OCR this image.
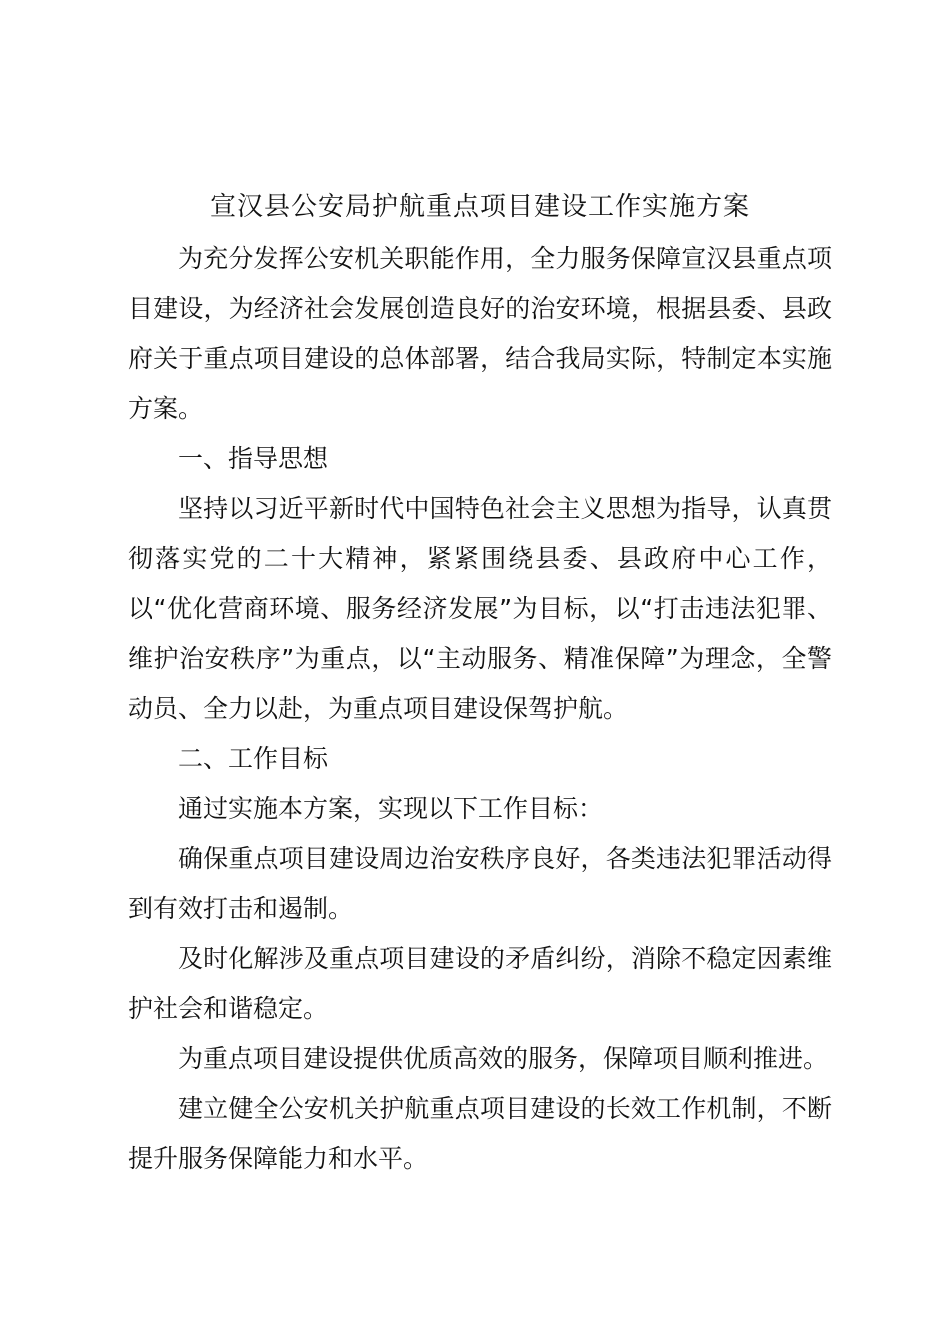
宣汉县公安局护航重点项目建设工作实施方案

为充分发挥公安机关职能作用，全力服务保障宣汉县重点项目建设，为经济社会发展创造良好的治安环境，根据县委、县政府关于重点项目建设的总体部署，结合我局实际，特制定本实施方案。

一、指导思想

坚持以习近平新时代中国特色社会主义思想为指导，认真贯彻落实党的二十大精神，紧紧围绕县委、县政府中心工作，以“优化营商环境、服务经济发展”为目标，以“打击违法犯罪、维护治安秩序”为重点，以“主动服务、精准保障”为理念，全警动员、全力以赴，为重点项目建设保驾护航。

二、工作目标

通过实施本方案，实现以下工作目标：

确保重点项目建设周边治安秩序良好，各类违法犯罪活动得到有效打击和遏制。

及时化解涉及重点项目建设的矛盾纠纷，消除不稳定因素维护社会和谐稳定。

为重点项目建设提供优质高效的服务，保障项目顺利推进。

建立健全公安机关护航重点项目建设的长效工作机制，不断提升服务保障能力和水平。
